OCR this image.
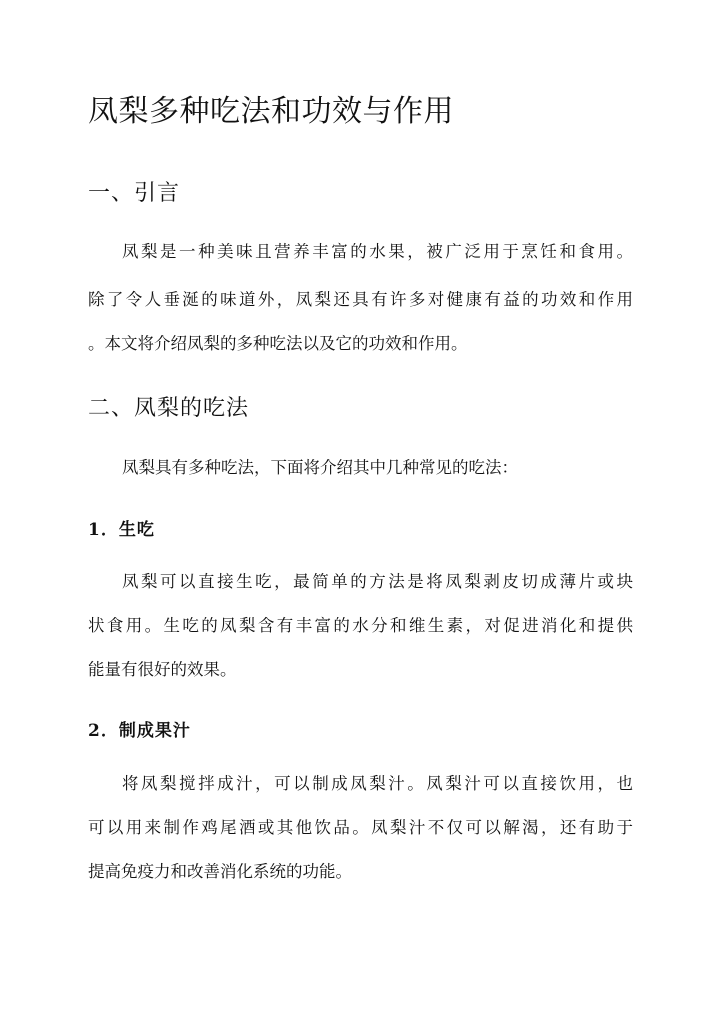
凤梨多种吃法和功效与作用
一、引言

凤梨是一种美味且营养丰富的水果，被广泛用于烹饪和食用。

除了令人垂涎的味道外，凤梨还具有许多对健康有益的功效和作用

。本文将介绍凤梨的多种吃法以及它的功效和作用。

二、凤梨的吃法

凤梨具有多种吃法，下面将介绍其中几种常见的吃法：

1．生吃

凤梨可以直接生吃，最简单的方法是将凤梨剥皮切成薄片或块

状食用。生吃的凤梨含有丰富的水分和维生素，对促进消化和提供

能量有很好的效果。

2．制成果汁

将凤梨搅拌成汁，可以制成凤梨汁。凤梨汁可以直接饮用，也

可以用来制作鸡尾酒或其他饮品。凤梨汁不仅可以解渴，还有助于

提高免疫力和改善消化系统的功能。
